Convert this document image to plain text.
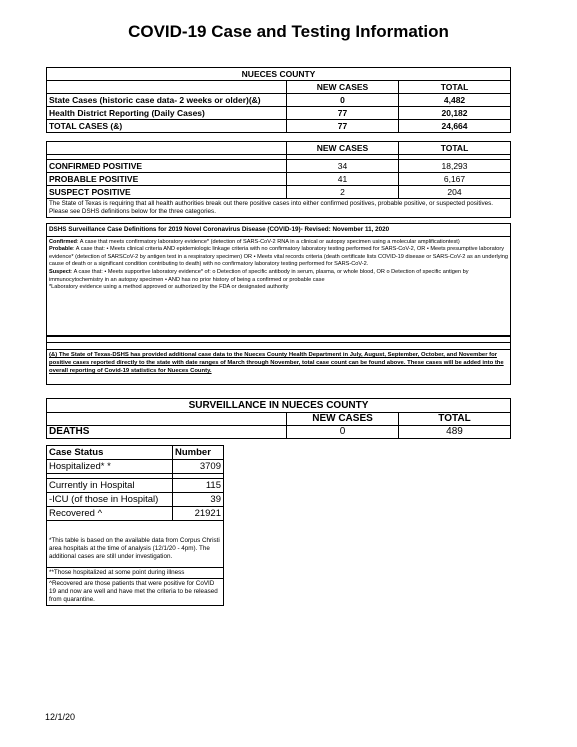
COVID-19 Case and Testing Information
NUECES COUNTY		
	NEW CASES	TOTAL
State Cases (historic case data- 2 weeks or older)(&)	0	4,482
Health District Reporting (Daily Cases)	77	20,182
TOTAL CASES (&)	77	24,664
	NEW CASES	TOTAL

CONFIRMED POSITIVE	34	18,293
PROBABLE POSITIVE	41	6,167
SUSPECT POSITIVE	2	204
The State of Texas is requiring that all health authorities break out there positive cases into either confirmed positives, probable positive, or suspected positives. Please see DSHS definitions below for the three categories.		
DSHS Surveillance Case Definitions for 2019 Novel Coronavirus Disease (COVID-19)- Revised: November 11, 2020

Confirmed: A case that meets confirmatory laboratory evidence* (detection of SARS-CoV-2 RNA in a clinical or autopsy specimen using a molecular amplificationtest)

Probable: A case that: • Meets clinical criteria AND epidemiologic linkage criteria with no confirmatory laboratory testing performed for SARS-CoV-2, OR • Meets presumptive laboratory evidence* (detection of SARSCoV-2 by antigen test in a respiratory specimen) OR • Meets vital records criteria (death certificate lists COVID-19 disease or SARS-CoV-2 as an underlying cause of death or a significant condition contributing to death) with no confirmatory laboratory testing performed for SARS-CoV-2.

Suspect: A case that: • Meets supportive laboratory evidence* of: o Detection of specific antibody in serum, plasma, or whole blood, OR o Detection of specific antigen by immunocytochemistry in an autopsy specimen • AND has no prior history of being a confirmed or probable case

*Laboratory evidence using a method approved or authorized by the FDA or designated authority

(&) The State of Texas-DSHS has provided additional case data to the Nueces County Health Department in July, August, September, October, and November for positive cases reported directly to the state with date ranges of March through November, total case count can be found above. These cases will be added into the overall reporting of Covid-19 statistics for Nueces County.
SURVEILLANCE IN NUECES COUNTY		
	NEW CASES	TOTAL
DEATHS	0	489
Case Status	Number
Hospitalized* *	3709

Currently in Hospital	115
-ICU (of those in Hospital)	39
Recovered ^	21921
*This table is based on the available data from Corpus Christi area hospitals at the time of analysis (12/1/20 - 4pm). The additional cases are still under investigation.	
**Those hospitalized at some point during illness	
^Recovered are those patients that were positive for CoVID 19 and now are well and have met the criteria to be released from quarantine.	
12/1/20
